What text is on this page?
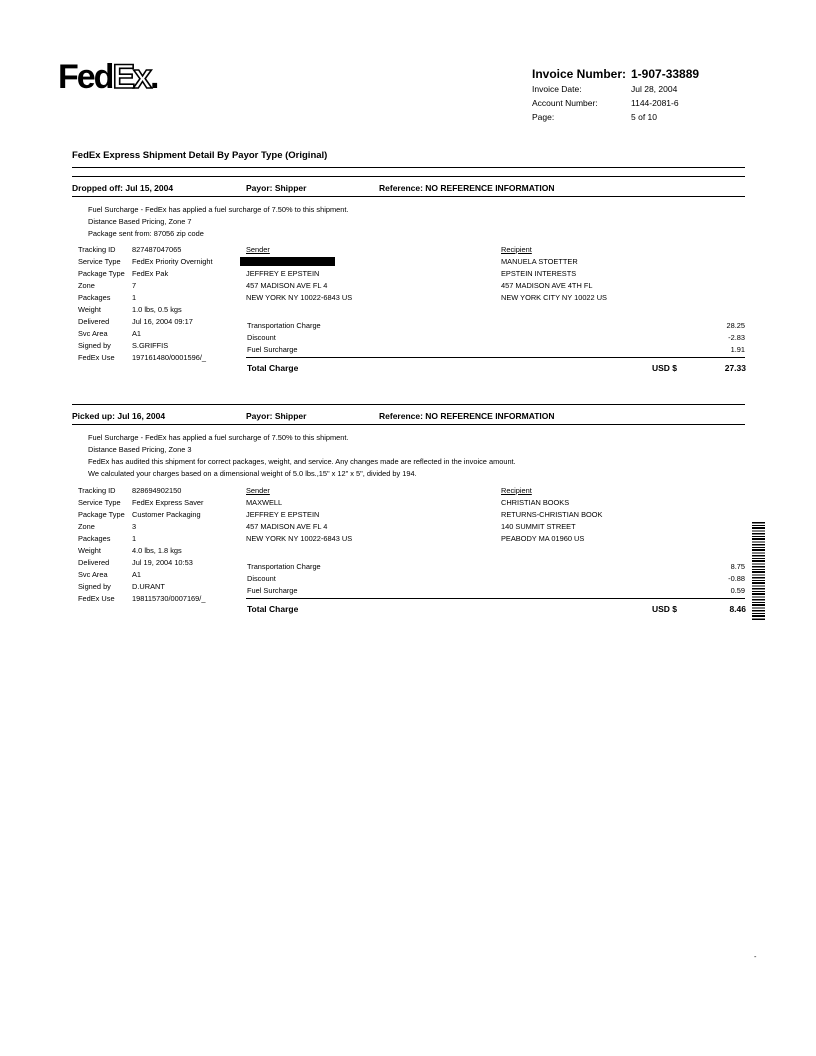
FedEx.	Invoice Number: 1-907-33889
Invoice Date:	Jul 28, 2004
Account Number:	1144-2081-6
Page:	5 of 10
FedEx Express Shipment Detail By Payor Type (Original)
Dropped off: Jul 15, 2004	Payor: Shipper	Reference: NO REFERENCE INFORMATION
Fuel Surcharge - FedEx has applied a fuel surcharge of 7.50% to this shipment.
Distance Based Pricing, Zone 7
Package sent from: 87056 zip code
Tracking ID 827487047065
Service Type FedEx Priority Overnight
Package Type FedEx Pak
Zone	7
Packages	1
Weight	1.0 lbs, 0.5 kgs
Delivered	Jul 16, 2004 09:17
Svc Area	A1
Signed by	S.GRIFFIS
FedEx Use 197161480/0001596/_
Sender
JEFFREY E EPSTEIN
457 MADISON AVE FL 4
NEW YORK NY 10022-6843 US
Recipient
MANUELA STOETTER
EPSTEIN INTERESTS
457 MADISON AVE 4TH FL
NEW YORK CITY NY 10022 US
Transportation Charge	28.25
Discount	-2.83
Fuel Surcharge	1.91
Total Charge	USD $	27.33
Picked up: Jul 16, 2004	Payor: Shipper	Reference: NO REFERENCE INFORMATION
Fuel Surcharge - FedEx has applied a fuel surcharge of 7.50% to this shipment.
Distance Based Pricing, Zone 3
FedEx has audited this shipment for correct packages, weight, and service. Any changes made are reflected in the invoice amount.
We calculated your charges based on a dimensional weight of 5.0 lbs.,15" x 12" x 5", divided by 194.
Tracking ID 828694902150
Service Type FedEx Express Saver
Package Type Customer Packaging
Zone	3
Packages	1
Weight	4.0 lbs, 1.8 kgs
Delivered	Jul 19, 2004 10:53
Svc Area	A1
Signed by	D.URANT
FedEx Use 198115730/0007169/_
Sender
MAXWELL
JEFFREY E EPSTEIN
457 MADISON AVE FL 4
NEW YORK NY 10022-6843 US
Recipient
CHRISTIAN BOOKS
RETURNS-CHRISTIAN BOOK
140 SUMMIT STREET
PEABODY MA 01960 US
Transportation Charge	8.75
Discount	-0.88
Fuel Surcharge	0.59
Total Charge	USD $	8.46
-
